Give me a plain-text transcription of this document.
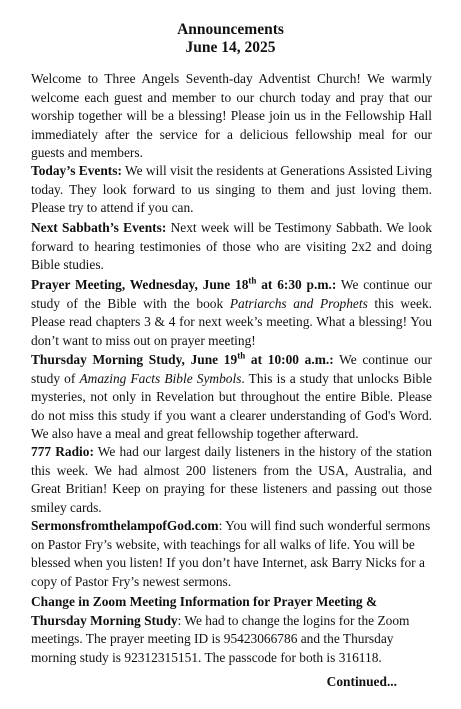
Announcements
June 14, 2025

Welcome to Three Angels Seventh-day Adventist Church! We warmly welcome each guest and member to our church today and pray that our worship together will be a blessing! Please join us in the Fellowship Hall immediately after the service for a delicious fellowship meal for our guests and members.

Today’s Events: We will visit the residents at Generations Assisted Living today. They look forward to us singing to them and just loving them. Please try to attend if you can.

Next Sabbath’s Events: Next week will be Testimony Sabbath. We look forward to hearing testimonies of those who are visiting 2x2 and doing Bible studies.

Prayer Meeting, Wednesday, June 18th at 6:30 p.m.: We continue our study of the Bible with the book Patriarchs and Prophets this week. Please read chapters 3 & 4 for next week’s meeting. What a blessing! You don’t want to miss out on prayer meeting!

Thursday Morning Study, June 19th at 10:00 a.m.: We continue our study of Amazing Facts Bible Symbols. This is a study that unlocks Bible mysteries, not only in Revelation but throughout the entire Bible. Please do not miss this study if you want a clearer understanding of God's Word. We also have a meal and great fellowship together afterward.

777 Radio: We had our largest daily listeners in the history of the station this week. We had almost 200 listeners from the USA, Australia, and Great Britian! Keep on praying for these listeners and passing out those smiley cards.

SermonsfromthelampofGod.com: You will find such wonderful sermons on Pastor Fry’s website, with teachings for all walks of life. You will be blessed when you listen! If you don’t have Internet, ask Barry Nicks for a copy of Pastor Fry’s newest sermons.

Change in Zoom Meeting Information for Prayer Meeting & Thursday Morning Study: We had to change the logins for the Zoom meetings. The prayer meeting ID is 95423066786 and the Thursday morning study is 92312315151. The passcode for both is 316118.

Continued...
